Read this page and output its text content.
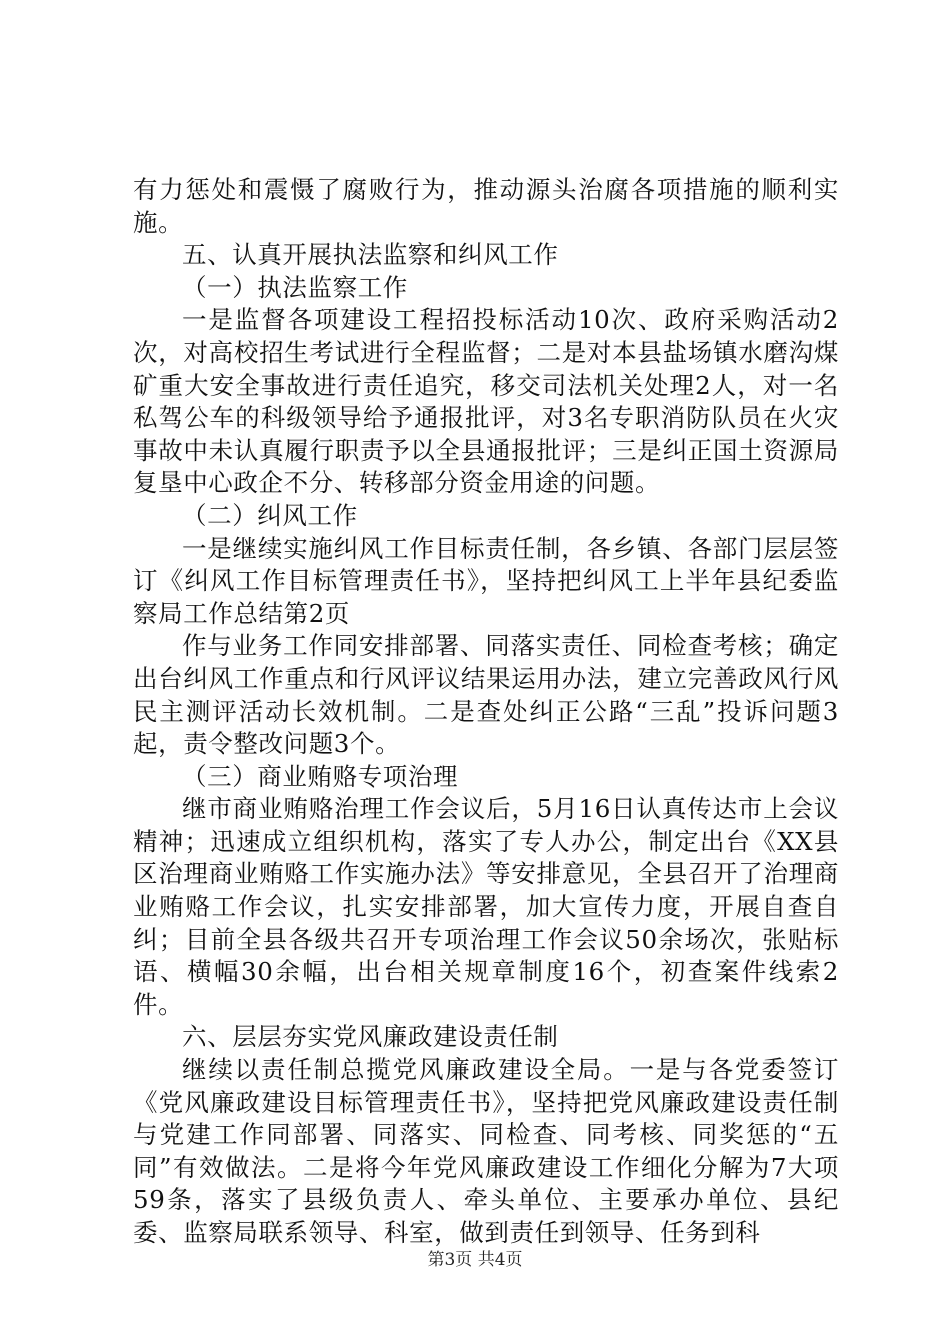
有力惩处和震慑了腐败行为，推动源头治腐各项措施的顺利实施。

五、认真开展执法监察和纠风工作

（一）执法监察工作

一是监督各项建设工程招投标活动10次、政府采购活动2次，对高校招生考试进行全程监督；二是对本县盐场镇水磨沟煤矿重大安全事故进行责任追究，移交司法机关处理2人，对一名私驾公车的科级领导给予通报批评，对3名专职消防队员在火灾事故中未认真履行职责予以全县通报批评；三是纠正国土资源局复垦中心政企不分、转移部分资金用途的问题。

（二）纠风工作

一是继续实施纠风工作目标责任制，各乡镇、各部门层层签订《纠风工作目标管理责任书》，坚持把纠风工上半年县纪委监察局工作总结第2页

作与业务工作同安排部署、同落实责任、同检查考核；确定出台纠风工作重点和行风评议结果运用办法，建立完善政风行风民主测评活动长效机制。二是查处纠正公路“三乱”投诉问题3起，责令整改问题3个。

（三）商业贿赂专项治理

继市商业贿赂治理工作会议后，5月16日认真传达市上会议精神；迅速成立组织机构，落实了专人办公，制定出台《XX县区治理商业贿赂工作实施办法》等安排意见，全县召开了治理商业贿赂工作会议，扎实安排部署，加大宣传力度，开展自查自纠；目前全县各级共召开专项治理工作会议50余场次，张贴标语、横幅30余幅，出台相关规章制度16个，初查案件线索2件。

六、层层夯实党风廉政建设责任制

继续以责任制总揽党风廉政建设全局。一是与各党委签订《党风廉政建设目标管理责任书》，坚持把党风廉政建设责任制与党建工作同部署、同落实、同检查、同考核、同奖惩的“五同”有效做法。二是将今年党风廉政建设工作细化分解为7大项59条，落实了县级负责人、牵头单位、主要承办单位、县纪委、监察局联系领导、科室，做到责任到领导、任务到科

第3页 共4页
